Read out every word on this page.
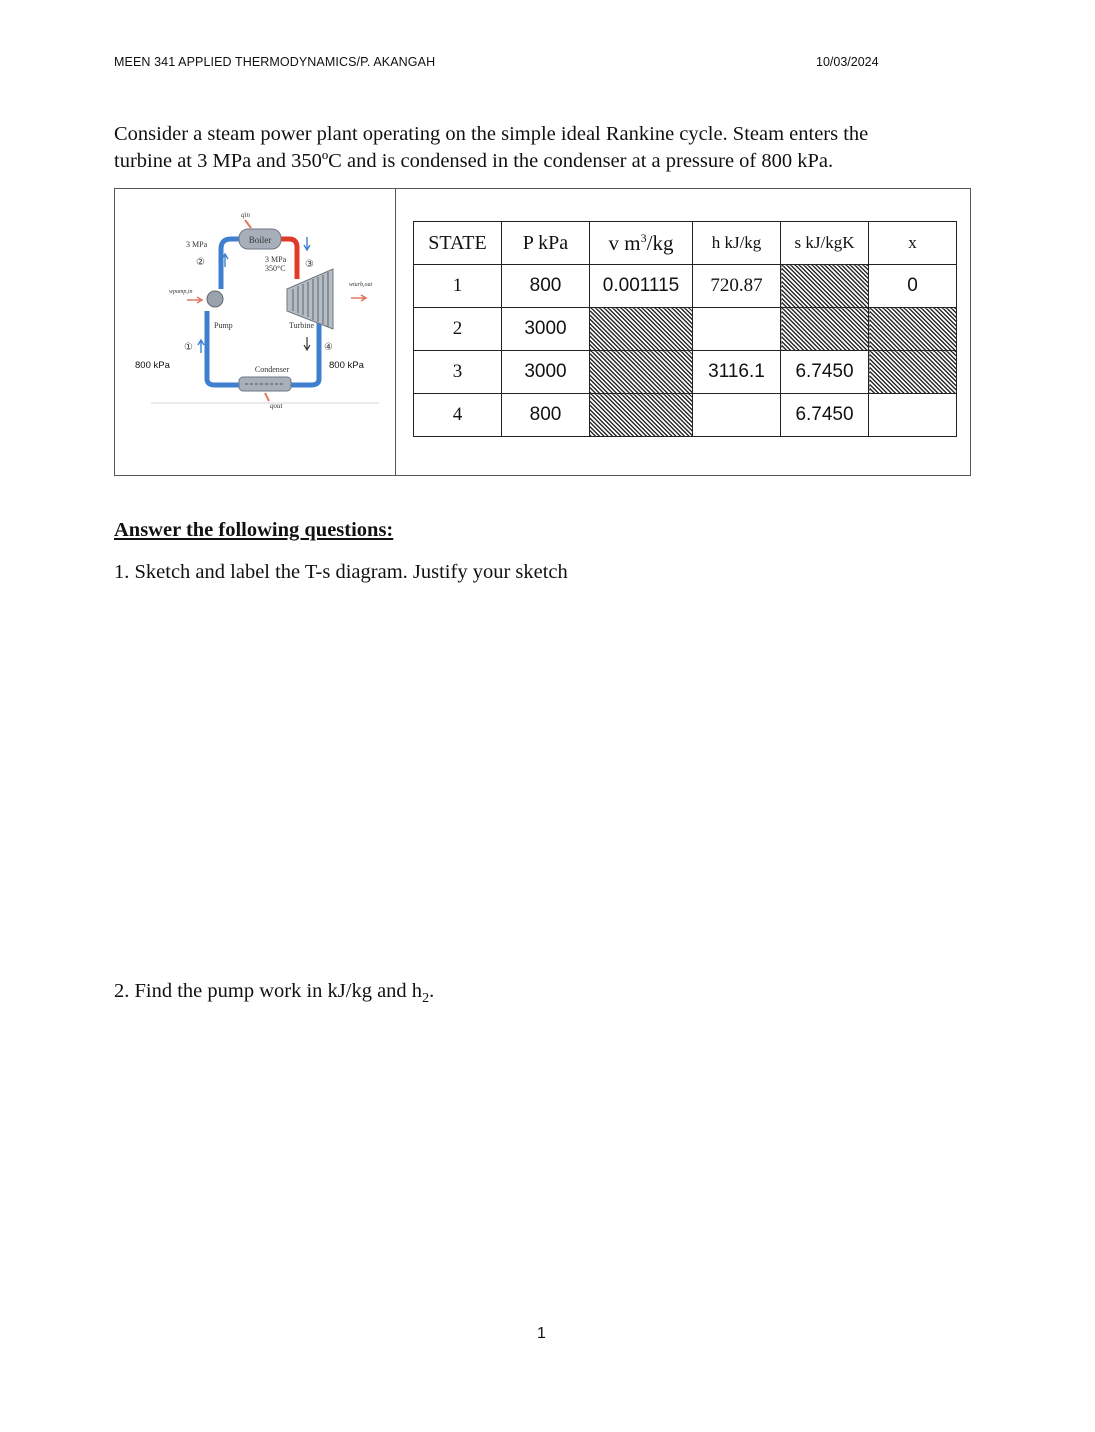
MEEN 341 APPLIED THERMODYNAMICS/P. AKANGAH	10/03/2024
Consider a steam power plant operating on the simple ideal Rankine cycle. Steam enters the
turbine at 3 MPa and 350ºC and is condensed in the condenser at a pressure of 800 kPa.
Boiler
qin
Pump
wpump,in
Turbine
wturb,out
Condenser
qout
3 MPa
②	3 MPa
350°C ③
①
800 kPa
④
800 kPa
STATE	P kPa	v $m^3/kg$	h kJ/kg	s kJ/kgK	x
1	800	0.001115	720.87		0
2	3000				
3	3000		3116.1	6.7450	
4	800			6.7450	
Answer the following questions:
1. Sketch and label the T-s diagram. Justify your sketch
2. Find the pump work in kJ/kg and $h_2$.
1
